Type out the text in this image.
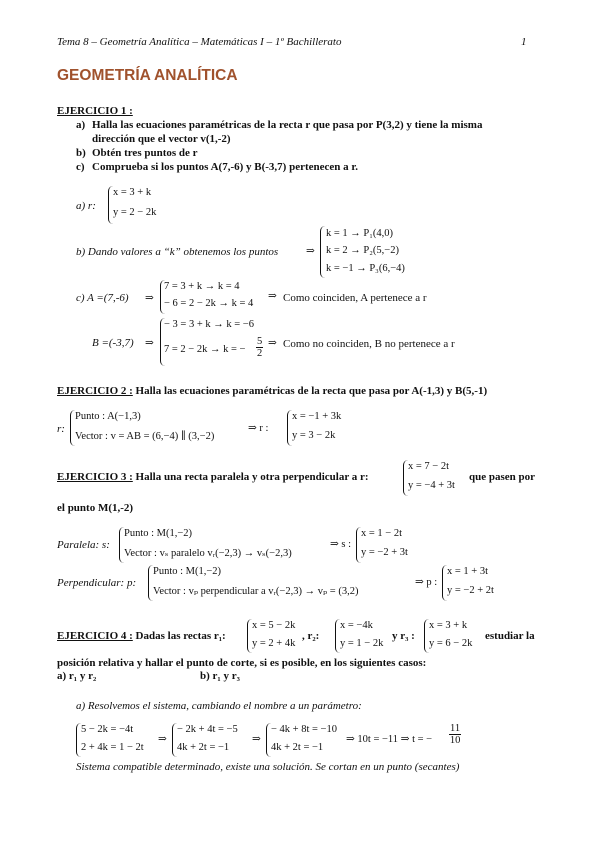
Tema 8 – Geometría Analítica – Matemáticas I – 1º Bachillerato	1
GEOMETRÍA ANALÍTICA
EJERCICIO 1 :
a) Halla las ecuaciones paramétricas de la recta r que pasa por P(3,2) y tiene la misma
dirección que el vector v(1,-2)
b) Obtén tres puntos de r
c) Comprueba si los puntos A(7,-6) y B(-3,7) pertenecen a r.
a) r:
x = 3 + k
y = 2 − 2k
b) Dando valores a “k” obtenemos los puntos	⇒
k = 1 → P₁(4,0)
k = 2 → P₂(5,−2)
k = −1 → P₃(6,−4)
c) A =(7,-6) ⇒
7 = 3 + k → k = 4
− 6 = 2 − 2k → k = 4
⇒ Como coinciden, A pertenece a r
B =(-3,7) ⇒
− 3 = 3 + k → k = −6
7 = 2 − 2k → k = − $\frac{5}{2}$ ⇒ Como no coinciden, B no pertenece a r
EJERCICIO 2 : Halla las ecuaciones paramétricas de la recta que pasa por A(-1,3) y B(5,-1)
r:
Punto : A(−1,3)
Vector : v = AB = (6,−4) ∥ (3,−2)
⇒ r :
x = −1 + 3k
y = 3 − 2k
EJERCICIO 3 : Halla una recta paralela y otra perpendicular a r:
x = 7 − 2t
y = −4 + 3t
que pasen por
el punto M(1,-2)
Paralela: s:
Punto : M(1,−2)
Vector : vₛ paralelo vᵣ(−2,3) → vₛ(−2,3)
⇒ s :
x = 1 − 2t
y = −2 + 3t
Perpendicular: p:
Punto : M(1,−2)
Vector : vₚ perpendicular a vᵣ(−2,3) → vₚ = (3,2)
⇒ p :
x = 1 + 3t
y = −2 + 2t
EJERCICIO 4 : Dadas las rectas r₁:
x = 5 − 2k
y = 2 + 4k
, r₂:
x = −4k
y = 1 − 2k
y r₃ :
x = 3 + k
y = 6 − 2k
estudiar la
posición relativa y hallar el punto de corte, si es posible, en los siguientes casos:
a) r₁ y r₂	b) r₁ y r₃
a) Resolvemos el sistema, cambiando el nombre a un parámetro:
5 − 2k = −4t
2 + 4k = 1 − 2t
⇒
− 2k + 4t = −5
4k + 2t = −1
⇒
− 4k + 8t = −10
4k + 2t = −1
⇒ 10t = −11 ⇒ t = − $\frac{11}{10}$
Sistema compatible determinado, existe una solución. Se cortan en un punto (secantes)
